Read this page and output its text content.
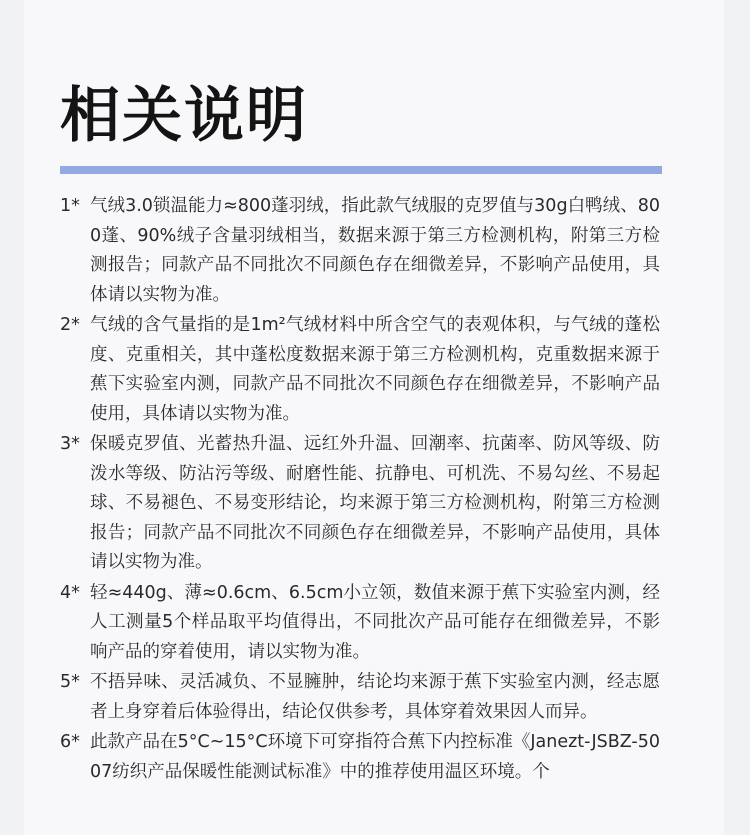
相关说明
1* 气绒3.0锁温能力≈800蓬羽绒，指此款气绒服的克罗值与30g白鸭绒、800蓬、90%绒子含量羽绒相当，数据来源于第三方检测机构，附第三方检测报告；同款产品不同批次不同颜色存在细微差异，不影响产品使用，具体请以实物为准。
2* 气绒的含气量指的是1m²气绒材料中所含空气的表观体积，与气绒的蓬松度、克重相关，其中蓬松度数据来源于第三方检测机构，克重数据来源于蕉下实验室内测，同款产品不同批次不同颜色存在细微差异，不影响产品使用，具体请以实物为准。
3* 保暖克罗值、光蓄热升温、远红外升温、回潮率、抗菌率、防风等级、防泼水等级、防沾污等级、耐磨性能、抗静电、可机洗、不易勾丝、不易起球、不易褪色、不易变形结论，均来源于第三方检测机构，附第三方检测报告；同款产品不同批次不同颜色存在细微差异，不影响产品使用，具体请以实物为准。
4* 轻≈440g、薄≈0.6cm、6.5cm小立领，数值来源于蕉下实验室内测，经人工测量5个样品取平均值得出，不同批次产品可能存在细微差异，不影响产品的穿着使用，请以实物为准。
5* 不捂异味、灵活减负、不显臃肿，结论均来源于蕉下实验室内测，经志愿者上身穿着后体验得出，结论仅供参考，具体穿着效果因人而异。
6* 此款产品在5°C~15°C环境下可穿指符合蕉下内控标准《Janezt-JSBZ-5007纺织产品保暖性能测试标准》中的推荐使用温区环境。个
